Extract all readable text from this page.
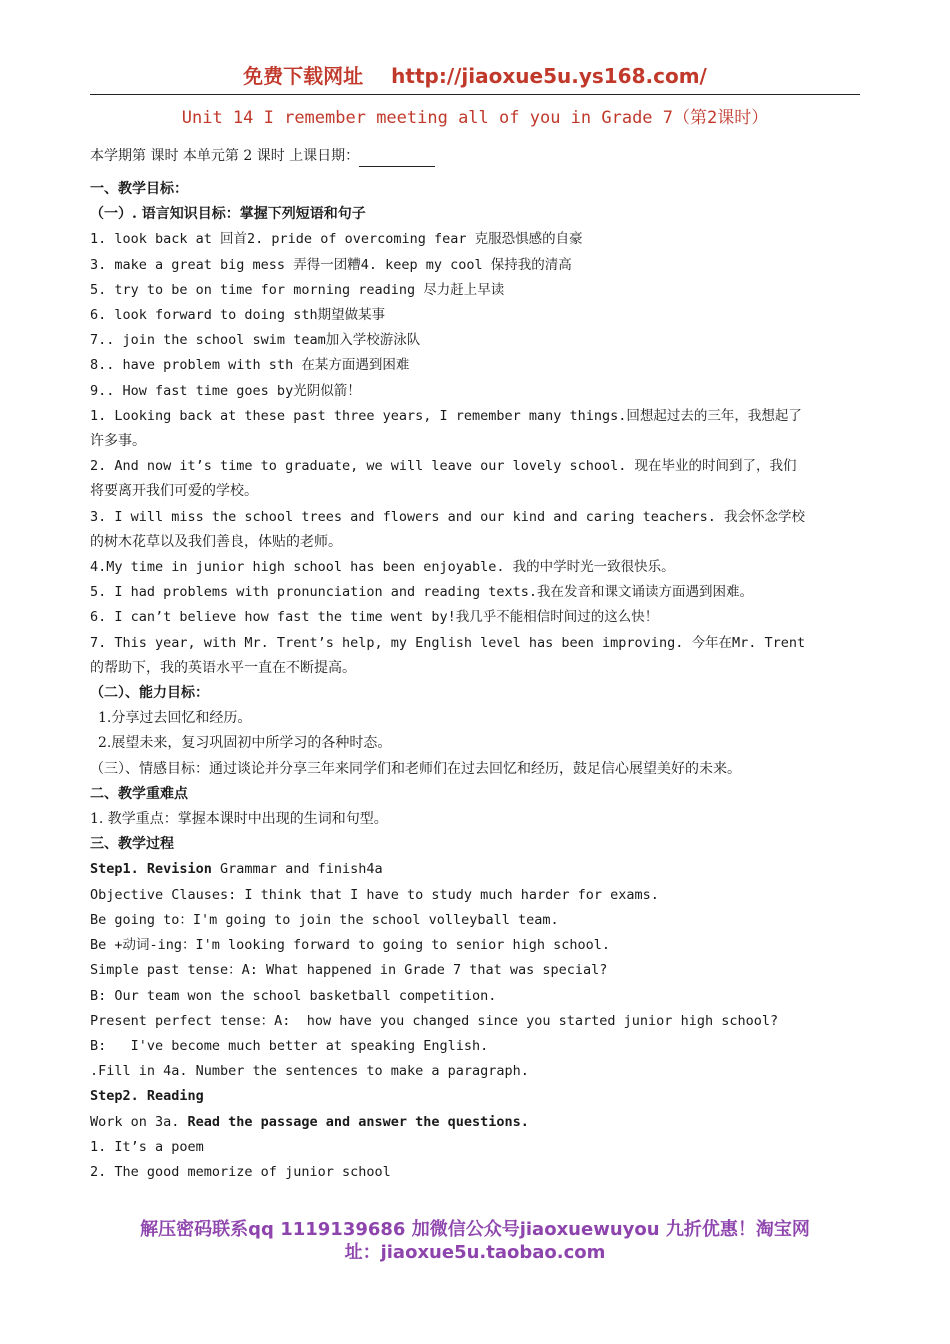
免费下载网址 http://jiaoxue5u.ys168.com/
Unit 14 I remember meeting all of you in Grade 7（第2课时）
本学期第 课时 本单元第 2 课时 上课日期：
一、教学目标：
（一）. 语言知识目标：掌握下列短语和句子
1. look back at 回首2. pride of overcoming fear 克服恐惧感的自豪
3. make a great big mess 弄得一团糟4. keep my cool 保持我的清高
5. try to be on time for morning reading 尽力赶上早读
6. look forward to doing sth期望做某事
7.. join the school swim team加入学校游泳队
8.. have problem with sth 在某方面遇到困难
9.. How fast time goes by光阴似箭！
1. Looking back at these past three years, I remember many things.回想起过去的三年，我想起了
许多事。
2. And now it’s time to graduate, we will leave our lovely school. 现在毕业的时间到了，我们
将要离开我们可爱的学校。
3. I will miss the school trees and flowers and our kind and caring teachers. 我会怀念学校
的树木花草以及我们善良，体贴的老师。
4.My time in junior high school has been enjoyable. 我的中学时光一致很快乐。
5. I had problems with pronunciation and reading texts.我在发音和课文诵读方面遇到困难。
6. I can’t believe how fast the time went by!我几乎不能相信时间过的这么快！
7. This year, with Mr. Trent’s help, my English level has been improving. 今年在Mr. Trent
的帮助下，我的英语水平一直在不断提高。
（二）、能力目标：
1.分享过去回忆和经历。
2.展望未来，复习巩固初中所学习的各种时态。
（三）、情感目标：通过谈论并分享三年来同学们和老师们在过去回忆和经历，鼓足信心展望美好的未来。
二、教学重难点
1. 教学重点：掌握本课时中出现的生词和句型。
三、教学过程
Step1. Revision Grammar and finish4a
Objective Clauses: I think that I have to study much harder for exams.
Be going to：I'm going to join the school volleyball team.
Be +动词-ing：I'm looking forward to going to senior high school.
Simple past tense：A: What happened in Grade 7 that was special?
B: Our team won the school basketball competition.
Present perfect tense：A:  how have you changed since you started junior high school?
B:   I've become much better at speaking English.
.Fill in 4a. Number the sentences to make a paragraph.
Step2. Reading
Work on 3a. Read the passage and answer the questions.
1. It’s a poem
2. The good memorize of junior school
解压密码联系qq 1119139686 加微信公众号jiaoxuewuyou 九折优惠！淘宝网
址：jiaoxue5u.taobao.com
